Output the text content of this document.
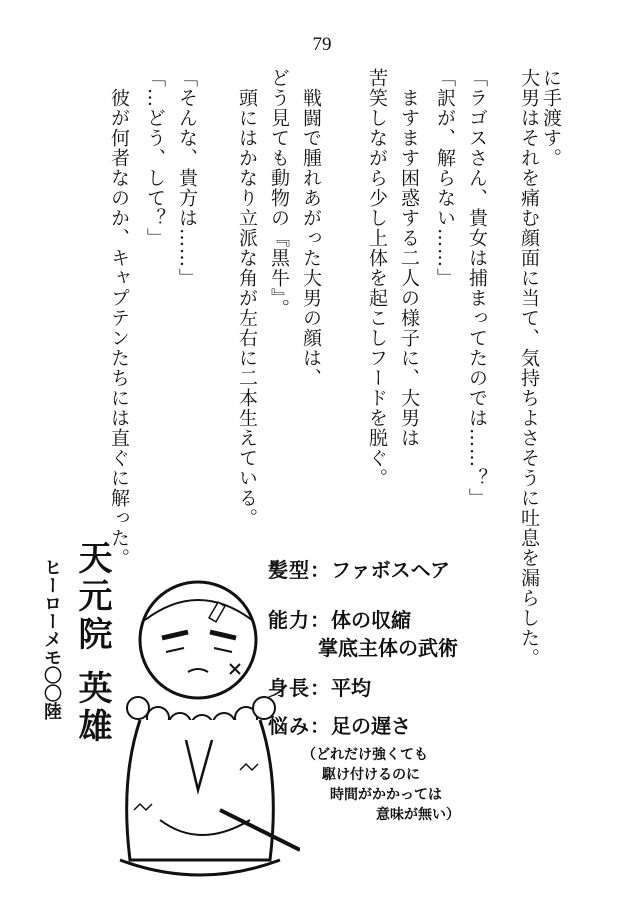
79
に手渡す。
大男はそれを痛む顔面に当て、気持ちよさそうに吐息を漏らした。
「ラゴスさん、貴女は捕まってたのでは……？」
「訳が、解らない……」
ますます困惑する二人の様子に、大男は
苦笑しながら少し上体を起こしフードを脱ぐ。
戦闘で腫れあがった大男の顔は、
どう見ても動物の『黒牛』。
頭にはかなり立派な角が左右に二本生えている。
「そんな、貴方は……」
「…どう、して？」
彼が何者なのか、キャプテンたちには直ぐに解った。
天元院 英雄
ヒーローメモ〇〇陸	髪型：ファボスヘア
能力：体の収縮
掌底主体の武術
身長：平均
悩み：足の遅さ
（どれだけ強くても
駆け付けるのに
時間がかかっては
意味が無い）
